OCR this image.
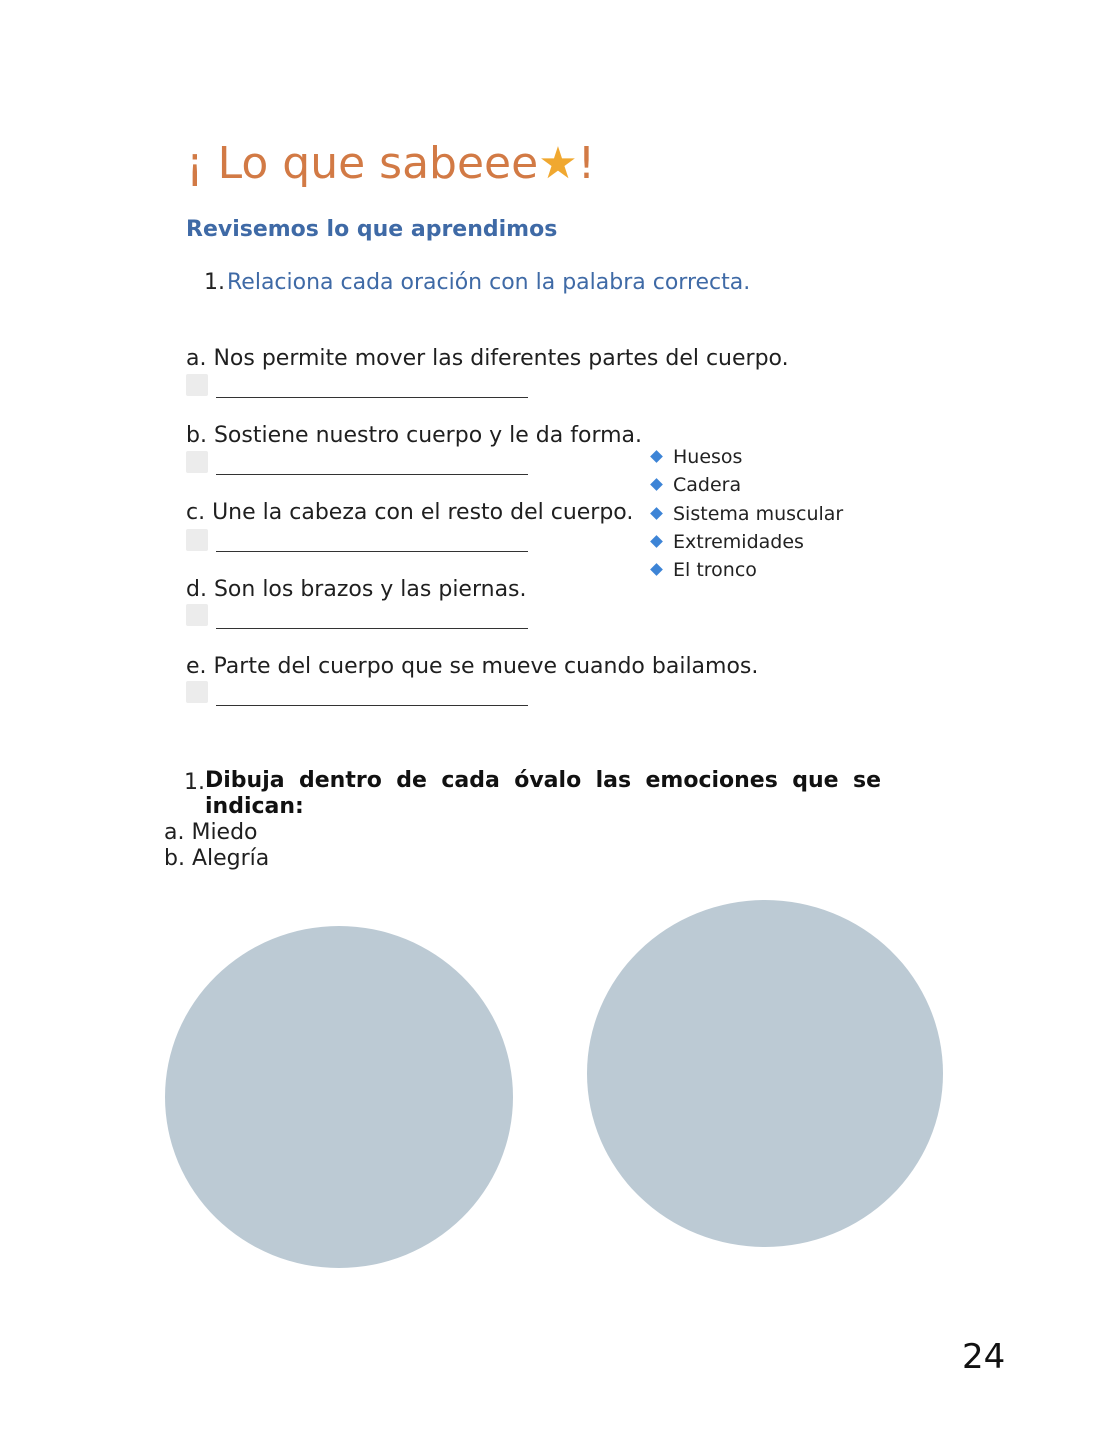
¡ Lo que sabeee★!
Revisemos lo que aprendimos
1. Relaciona cada oración con la palabra correcta.
a. Nos permite mover las diferentes partes del cuerpo.
b. Sostiene nuestro cuerpo y le da forma.
c. Une la cabeza con el resto del cuerpo.
d. Son los brazos y las piernas.
e. Parte del cuerpo que se mueve cuando bailamos.
Huesos
Cadera
Sistema muscular
Extremidades
El tronco
1. Dibuja dentro de cada óvalo las emociones que se
indican:
a. Miedo
b. Alegría
24
